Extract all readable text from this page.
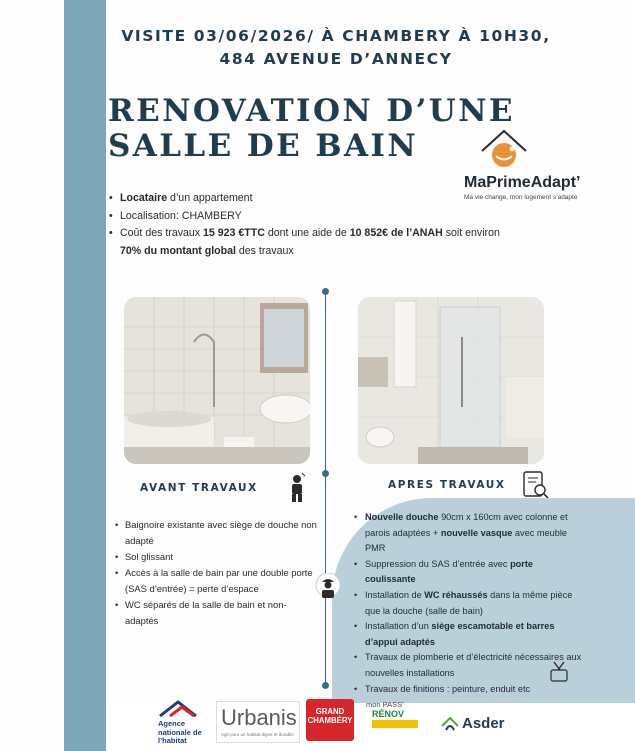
VISITE 03/06/2026/ À CHAMBERY À 10H30,
484 AVENUE D’ANNECY
RENOVATION D’UNE
SALLE DE BAIN
MaPrimeAdapt’
Ma vie change, mon logement s’adapte
• Locataire d’un appartement
• Localisation: CHAMBERY
• Coût des travaux 15 923 €TTC dont une aide de 10 852€ de l’ANAH soit environ
70% du montant global des travaux
AVANT TRAVAUX	APRES TRAVAUX
• Baignoire existante avec siège de douche non adapté
• Sol glissant
• Accès à la salle de bain par une double porte (SAS d’entrée) = perte d’espace
• WC séparés de la salle de bain et non-adaptés
• Nouvelle douche 90cm x 160cm avec colonne et parois adaptées + nouvelle vasque avec meuble PMR
• Suppression du SAS d’entrée avec porte coulissante
• Installation de WC réhaussés dans la même pièce que la douche (salle de bain)
• Installation d’un siège escamotable et barres d’appui adaptés
• Travaux de plomberie et d’électricité nécessaires aux nouvelles installations
• Travaux de finitions : peinture, enduit etc
Agence nationale de l’habitat
Urbanis
Agir pour un habitat digne et durable
GRAND
CHAMBÉRY
mon PASS’
RÉNOV
Asder
